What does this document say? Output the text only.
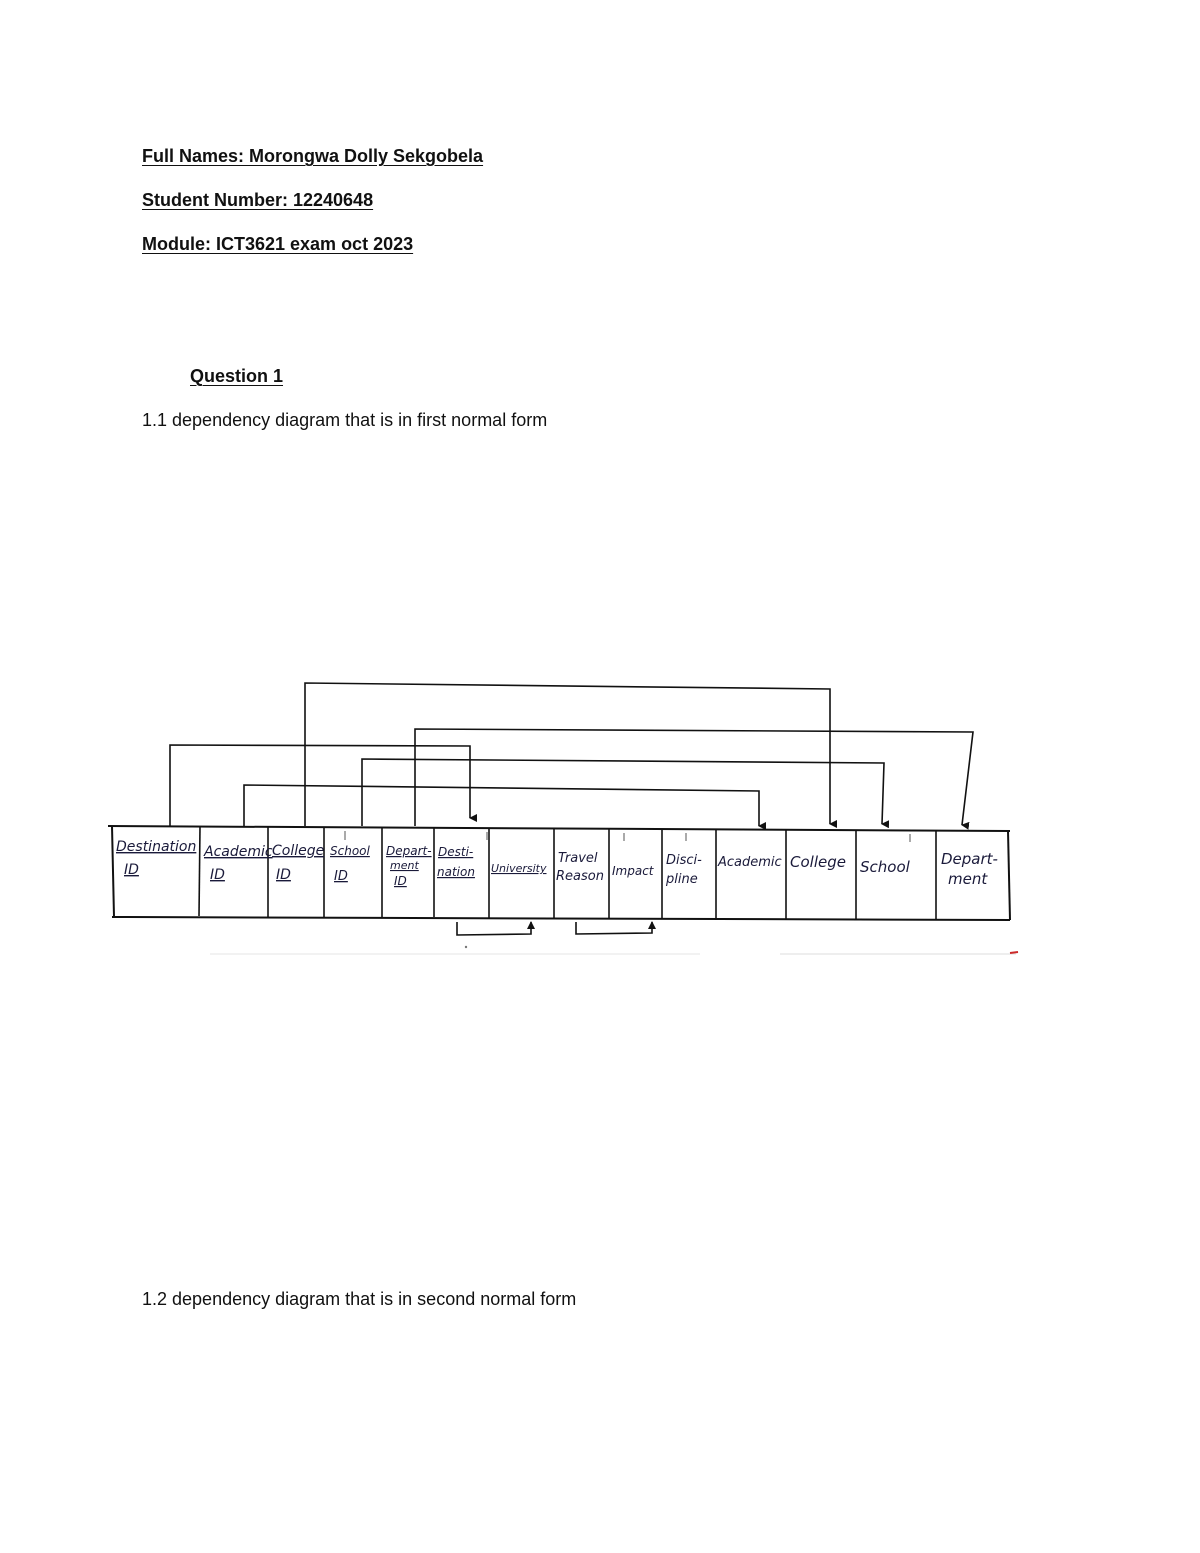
Full Names: Morongwa Dolly Sekgobela

Student Number: 12240648

Module: ICT3621 exam oct 2023

Question 1

1.1 dependency diagram that is in first normal form

Destination
ID
Academic
ID
College
ID
School
ID
Depart-
ment
ID
Desti-
nation University
Travel
Reason Impact
Disci-
pline
Academic College School Depart-
ment

1.2 dependency diagram that is in second normal form
